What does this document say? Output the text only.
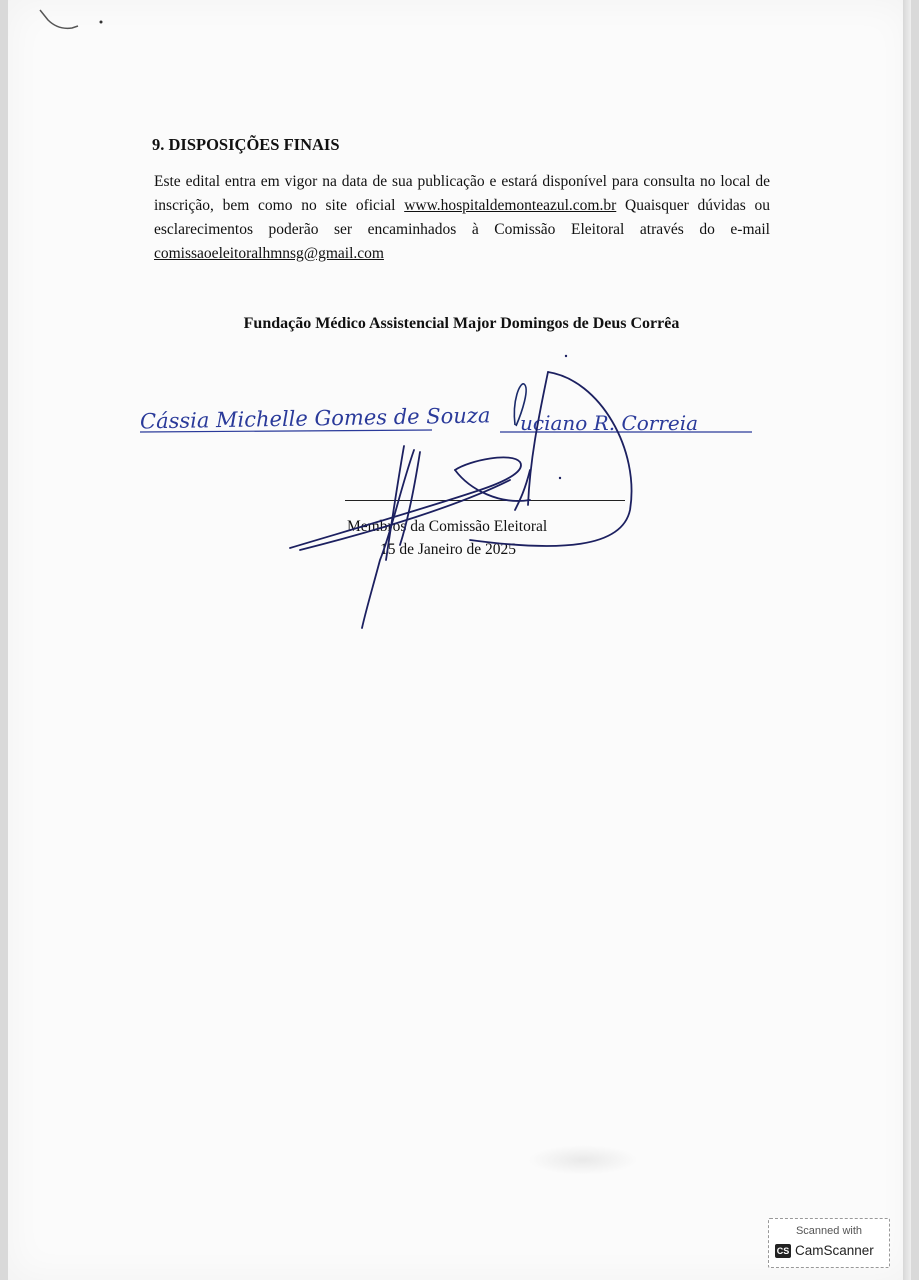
9. DISPOSIÇÕES FINAIS

Este edital entra em vigor na data de sua publicação e estará disponível para consulta no local de inscrição, bem como no site oficial www.hospitaldemonteazul.com.br Quaisquer dúvidas ou esclarecimentos poderão ser encaminhados à Comissão Eleitoral através do e-mail comissaoeleitoralhmnsg@gmail.com

Fundação Médico Assistencial Major Domingos de Deus Corrêa

Membros da Comissão Eleitoral

15 de Janeiro de 2025

Cássia Michelle Gomes de Souza uciano R. Correia
Scanned with
CS CamScanner
